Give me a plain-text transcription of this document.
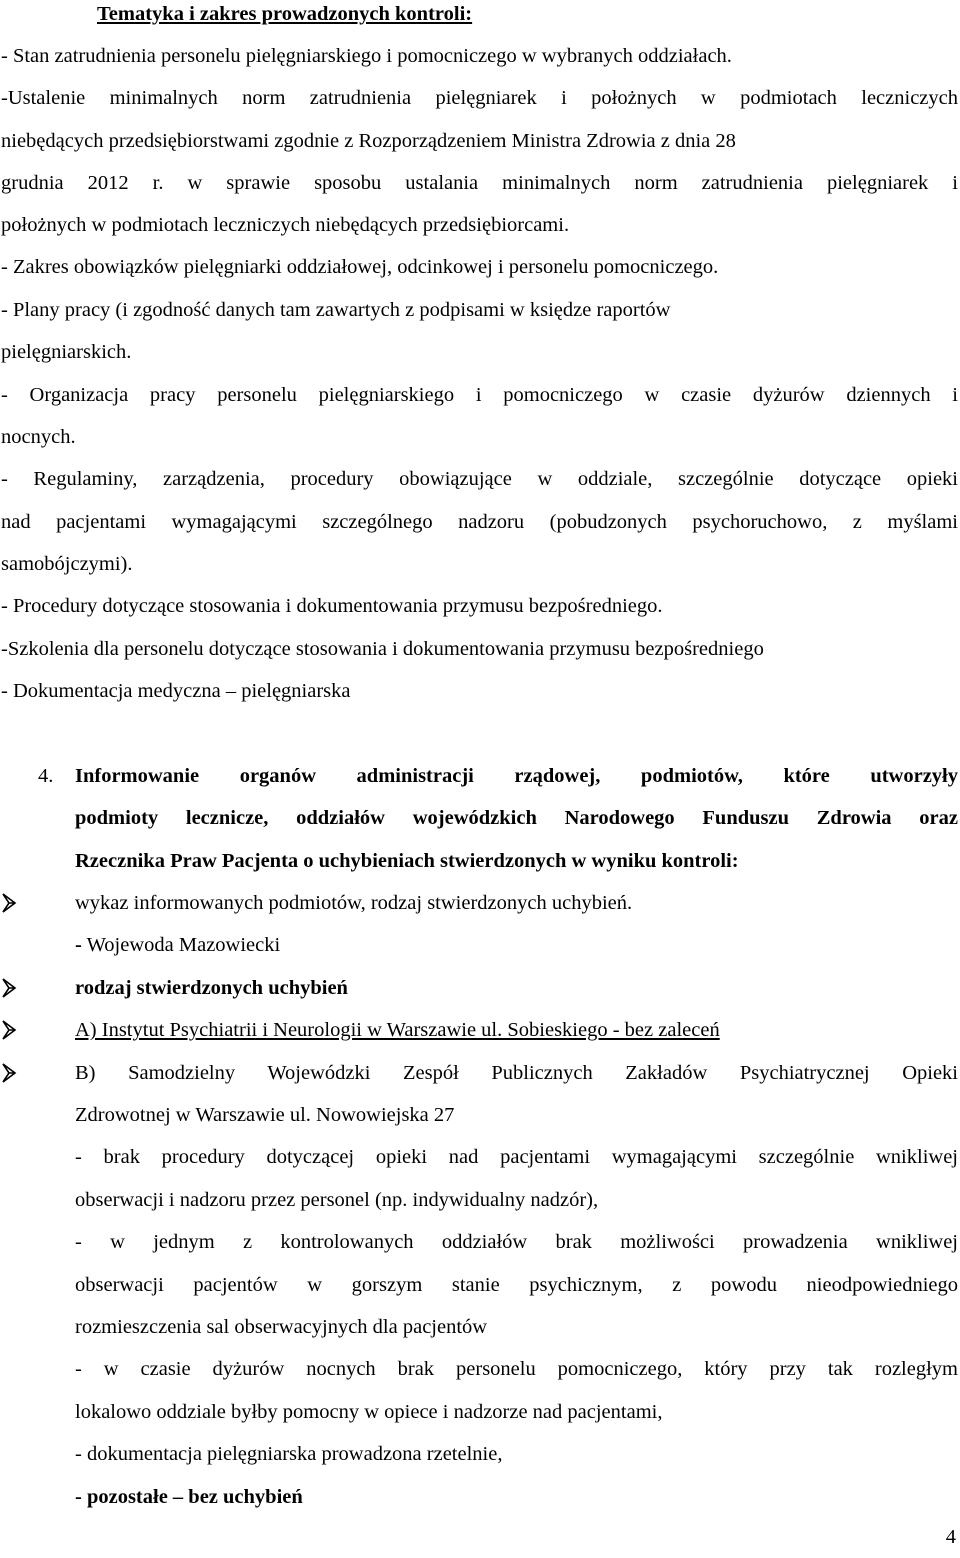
Tematyka i zakres prowadzonych kontroli:
- Stan zatrudnienia personelu pielęgniarskiego i pomocniczego w wybranych oddziałach.
-Ustalenie minimalnych norm zatrudnienia pielęgniarek i położnych w podmiotach leczniczych
niebędących przedsiębiorstwami zgodnie z Rozporządzeniem Ministra Zdrowia z dnia 28
grudnia 2012 r. w sprawie sposobu ustalania minimalnych norm zatrudnienia pielęgniarek i
położnych w podmiotach leczniczych niebędących przedsiębiorcami.
- Zakres obowiązków pielęgniarki oddziałowej, odcinkowej i personelu pomocniczego.
- Plany pracy (i zgodność danych tam zawartych z podpisami w księdze raportów
pielęgniarskich.
- Organizacja pracy personelu pielęgniarskiego i pomocniczego w czasie dyżurów dziennych i
nocnych.
- Regulaminy, zarządzenia, procedury obowiązujące w oddziale, szczególnie dotyczące opieki
nad pacjentami wymagającymi szczególnego nadzoru (pobudzonych psychoruchowo, z myślami
samobójczymi).
- Procedury dotyczące stosowania i dokumentowania przymusu bezpośredniego.
-Szkolenia dla personelu dotyczące stosowania i dokumentowania przymusu bezpośredniego
- Dokumentacja medyczna – pielęgniarska
4. Informowanie organów administracji rządowej, podmiotów, które utworzyły
podmioty lecznicze, oddziałów wojewódzkich Narodowego Funduszu Zdrowia oraz
Rzecznika Praw Pacjenta o uchybieniach stwierdzonych w wyniku kontroli:
wykaz informowanych podmiotów, rodzaj stwierdzonych uchybień.
- Wojewoda Mazowiecki
rodzaj stwierdzonych uchybień
A) Instytut Psychiatrii i Neurologii w Warszawie ul. Sobieskiego - bez zaleceń
B) Samodzielny Wojewódzki Zespół Publicznych Zakładów Psychiatrycznej Opieki
Zdrowotnej w Warszawie ul. Nowowiejska 27
- brak procedury dotyczącej opieki nad pacjentami wymagającymi szczególnie wnikliwej
obserwacji i nadzoru przez personel (np. indywidualny nadzór),
- w jednym z kontrolowanych oddziałów brak możliwości prowadzenia wnikliwej
obserwacji pacjentów w gorszym stanie psychicznym, z powodu nieodpowiedniego
rozmieszczenia sal obserwacyjnych dla pacjentów
- w czasie dyżurów nocnych brak personelu pomocniczego, który przy tak rozległym
lokalowo oddziale byłby pomocny w opiece i nadzorze nad pacjentami,
- dokumentacja pielęgniarska prowadzona rzetelnie,
- pozostałe – bez uchybień
4
